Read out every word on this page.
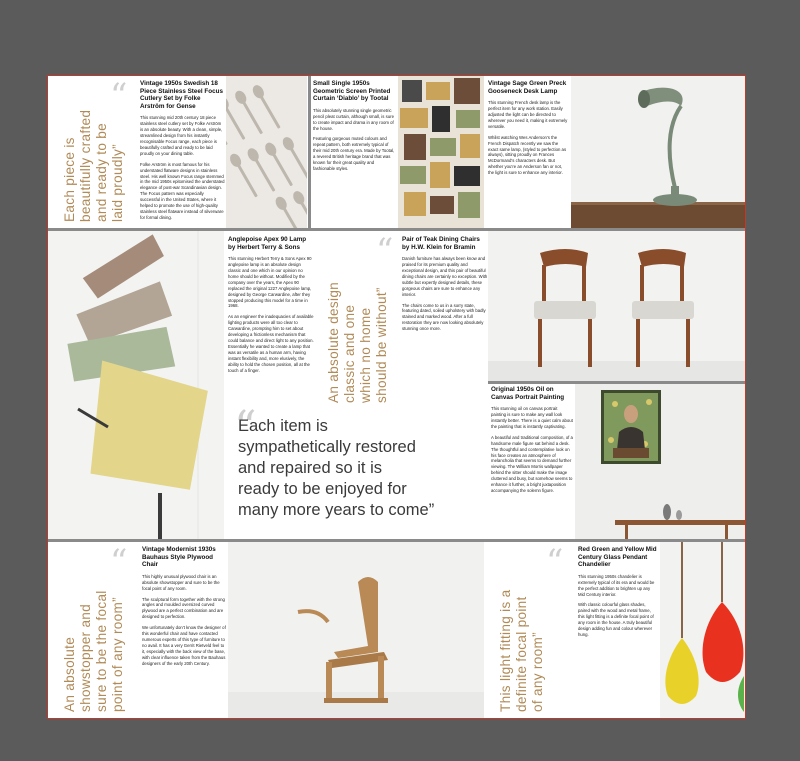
“
Each piece is
beautifully crafted
and ready to be
laid proudly”
Vintage 1950s Swedish 18 Piece Stainless Steel Focus Cutlery Set by Folke Arström for Gense
This stunning mid 20th century 18 piece stainless steel cutlery set by Folke Arström is an absolute beauty. With a clean, simple, streamlined design from his instantly recognisable Focus range, each piece is beautifully crafted and ready to be laid proudly on your dining table.
Folke Arström is most famous for his understated flatware designs in stainless steel. His well known Focus range stemmed in the mid 1950s epitomised the understated elegance of post-war Scandinavian design. The Focus pattern was especially successful in the United States, where it helped to promote the use of high-quality stainless steel flatware instead of silverware for formal dining.
Small Single 1950s Geometric Screen Printed Curtain ‘Diablo’ by Tootal
This absolutely stunning single geometric pencil pleat curtain, although small, is sure to create impact and drama in any room of the house.
Featuring gorgeous muted colours and repeat pattern, both extremely typical of their mid 20th century era. Made by Tootal, a revered British heritage brand that was known for their great quality and fashionable styles.
Vintage Sage Green Preck Gooseneck Desk Lamp
This stunning French desk lamp is the perfect item for any work station. Easily adjusted the light can be directed to wherever you need it, making it extremely versatile.
Whilst watching Wes Anderson’s the French Dispatch recently we saw the exact same lamp, (styled to perfection as always), sitting proudly on Frances McDormand’s characters desk. But whether you’re an Anderson fan or not, the light is sure to enhance any interior.
Anglepoise Apex 90 Lamp by Herbert Terry & Sons
This stunning Herbert Terry & Sons Apex 90 anglepoise lamp is an absolute design classic and one which in our opinion no home should be without. Modified by the company over the years, the Apex 90 replaced the original 1227 Anglepoise lamp, designed by George Carwardine, after they stopped producing this model for a time in 1968.
As an engineer the inadequacies of available lighting products were all too clear to Carwardine, prompting him to set about developing a frictionless mechanism that could balance and direct light to any position. Essentially he wanted to create a lamp that was as versatile as a human arm, having instant flexibility and, more elusively, the ability to hold the chosen position, all at the touch of a finger.
“
An absolute design
classic and one
which no home
should be without”
Pair of Teak Dining Chairs by H.W. Klein for Bramin
Danish furniture has always been know and praised for its premium quality and exceptional design, and this pair of beautiful dining chairs are certainly no exception. With subtle but expertly designed details, these gorgeous chairs are sure to enhance any interior.
The chairs come to us in a sorry state, featuring dated, soiled upholstery with badly stained and marked wood. After a full restoration they are now looking absolutely stunning once more.
“
Each item is
sympathetically restored
and repaired so it is
ready to be enjoyed for
many more years to come”
Original 1950s Oil on Canvas Portrait Painting
This stunning oil on canvas portrait painting is sure to make any wall look instantly better. There is a quiet calm about the painting that is instantly captivating.
A beautiful and traditional composition, of a handsome male figure sat behind a desk. The thoughtful and contemplative look on his face creates an atmosphere of melancholia that seems to demand further viewing. The William Morris wallpaper behind the sitter should make the image cluttered and busy, but somehow seems to enhance it further, a bright juxtaposition accompanying the solemn figure.
“
An absolute
showstopper and
sure to be the focal
point of any room”
Vintage Modernist 1930s Bauhaus Style Plywood Chair
This highly unusual plywood chair is an absolute showstopper and sure to be the focal point of any room.
The sculptural form together with the strong angles and moulded oversized curved plywood are a perfect combination and are designed to perfection.
We unfortunately don’t know the designer of this wonderful chair and have contacted numerous experts of this type of furniture to no avail. It has a very Gerrit Rietveld feel to it, especially with the back view of the base, with clear influence taken from the Bauhaus designers of the early 20th Century.
“
This light fitting is a
definite focal point
of any room”
Red Green and Yellow Mid Century Glass Pendant Chandelier
This stunning 1950s chandelier is extremely typical of its era and would be the perfect addition to brighten up any Mid Century interior.
With classic colourful glass shades, paired with the wood and metal frame, this light fitting is a definite focal point of any room in the house. A truly beautiful design adding fun and colour wherever hung.
